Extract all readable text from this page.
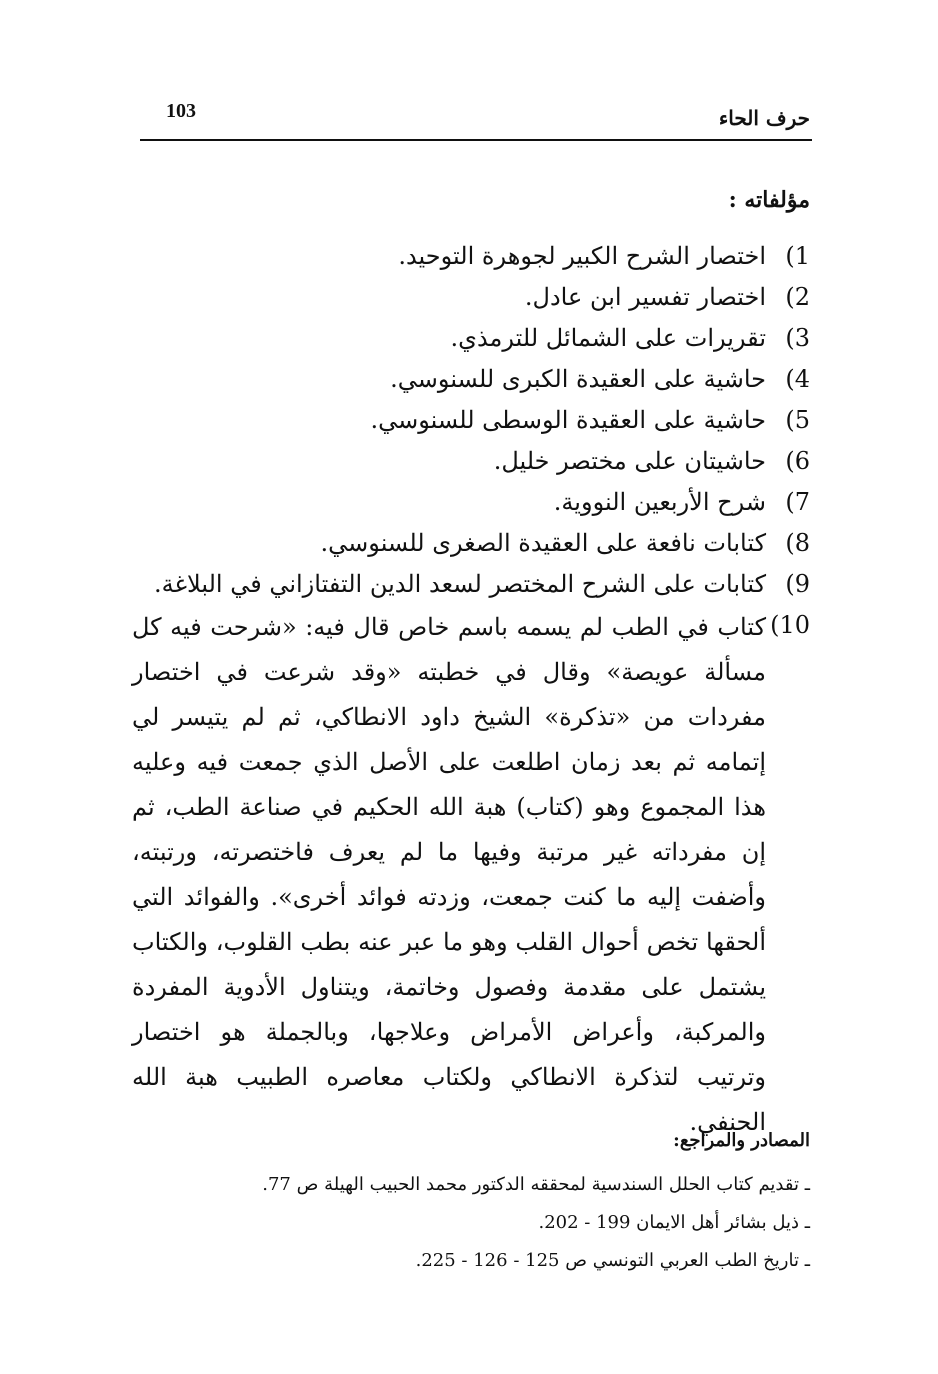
103	حرف الحاء
مؤلفاته :
1)
اختصار الشرح الكبير لجوهرة التوحيد.
2)
اختصار تفسير ابن عادل.
3)
تقريرات على الشمائل للترمذي.
4)
حاشية على العقيدة الكبرى للسنوسي.
5)
حاشية على العقيدة الوسطى للسنوسي.
6)
حاشيتان على مختصر خليل.
7)
شرح الأربعين النووية.
8)
كتابات نافعة على العقيدة الصغرى للسنوسي.
9)
كتابات على الشرح المختصر لسعد الدين التفتازاني في البلاغة.
10)
كتاب في الطب لم يسمه باسم خاص قال فيه: «شرحت فيه كل مسألة عويصة» وقال في خطبته «وقد شرعت في اختصار مفردات من «تذكرة» الشيخ داود الانطاكي، ثم لم يتيسر لي إتمامه ثم بعد زمان اطلعت على الأصل الذي جمعت فيه وعليه هذا المجموع وهو (كتاب) هبة الله الحكيم في صناعة الطب، ثم إن مفرداته غير مرتبة وفيها ما لم يعرف فاختصرته، ورتبته، وأضفت إليه ما كنت جمعت، وزدته فوائد أخرى». والفوائد التي ألحقها تخص أحوال القلب وهو ما عبر عنه بطب القلوب، والكتاب يشتمل على مقدمة وفصول وخاتمة، ويتناول الأدوية المفردة والمركبة، وأعراض الأمراض وعلاجها، وبالجملة هو اختصار وترتيب لتذكرة الانطاكي ولكتاب معاصره الطبيب هبة الله الحنفي.
المصادر والمراجع:
ـ تقديم كتاب الحلل السندسية لمحققه الدكتور محمد الحبيب الهيلة ص 77.
ـ ذيل بشائر أهل الايمان 199 - 202.
ـ تاريخ الطب العربي التونسي ص 125 - 126 - 225.
